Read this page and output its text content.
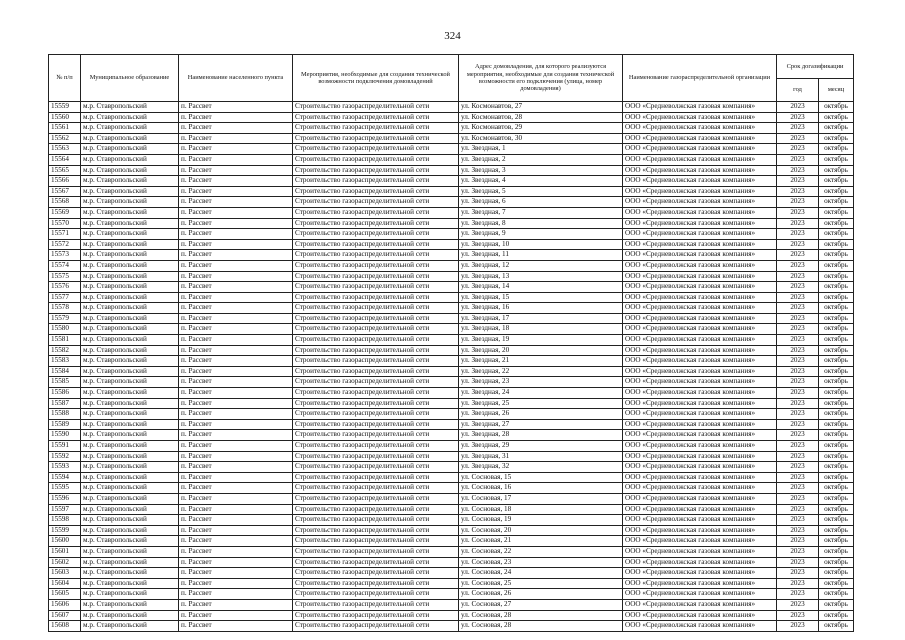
324
№ п/п	Муниципальное образование	Наименование населенного пункта	Мероприятия, необходимые для создания технической возможности подключения домовладений	Адрес домовладения, для которого реализуются мероприятия, необходимые для создания технической возможности его подключения (улица, номер домовладения)	Наименование газораспределительной организации	Срок догазификации	
						год	месяц
15559	м.р. Ставропольский	п. Рассвет	Строительство газораспределительной сети	ул. Космонавтов, 27	ООО «Средневолжская газовая компания»	2023	октябрь
15560	м.р. Ставропольский	п. Рассвет	Строительство газораспределительной сети	ул. Космонавтов, 28	ООО «Средневолжская газовая компания»	2023	октябрь
15561	м.р. Ставропольский	п. Рассвет	Строительство газораспределительной сети	ул. Космонавтов, 29	ООО «Средневолжская газовая компания»	2023	октябрь
15562	м.р. Ставропольский	п. Рассвет	Строительство газораспределительной сети	ул. Космонавтов, 30	ООО «Средневолжская газовая компания»	2023	октябрь
15563	м.р. Ставропольский	п. Рассвет	Строительство газораспределительной сети	ул. Звездная, 1	ООО «Средневолжская газовая компания»	2023	октябрь
15564	м.р. Ставропольский	п. Рассвет	Строительство газораспределительной сети	ул. Звездная, 2	ООО «Средневолжская газовая компания»	2023	октябрь
15565	м.р. Ставропольский	п. Рассвет	Строительство газораспределительной сети	ул. Звездная, 3	ООО «Средневолжская газовая компания»	2023	октябрь
15566	м.р. Ставропольский	п. Рассвет	Строительство газораспределительной сети	ул. Звездная, 4	ООО «Средневолжская газовая компания»	2023	октябрь
15567	м.р. Ставропольский	п. Рассвет	Строительство газораспределительной сети	ул. Звездная, 5	ООО «Средневолжская газовая компания»	2023	октябрь
15568	м.р. Ставропольский	п. Рассвет	Строительство газораспределительной сети	ул. Звездная, 6	ООО «Средневолжская газовая компания»	2023	октябрь
15569	м.р. Ставропольский	п. Рассвет	Строительство газораспределительной сети	ул. Звездная, 7	ООО «Средневолжская газовая компания»	2023	октябрь
15570	м.р. Ставропольский	п. Рассвет	Строительство газораспределительной сети	ул. Звездная, 8	ООО «Средневолжская газовая компания»	2023	октябрь
15571	м.р. Ставропольский	п. Рассвет	Строительство газораспределительной сети	ул. Звездная, 9	ООО «Средневолжская газовая компания»	2023	октябрь
15572	м.р. Ставропольский	п. Рассвет	Строительство газораспределительной сети	ул. Звездная, 10	ООО «Средневолжская газовая компания»	2023	октябрь
15573	м.р. Ставропольский	п. Рассвет	Строительство газораспределительной сети	ул. Звездная, 11	ООО «Средневолжская газовая компания»	2023	октябрь
15574	м.р. Ставропольский	п. Рассвет	Строительство газораспределительной сети	ул. Звездная, 12	ООО «Средневолжская газовая компания»	2023	октябрь
15575	м.р. Ставропольский	п. Рассвет	Строительство газораспределительной сети	ул. Звездная, 13	ООО «Средневолжская газовая компания»	2023	октябрь
15576	м.р. Ставропольский	п. Рассвет	Строительство газораспределительной сети	ул. Звездная, 14	ООО «Средневолжская газовая компания»	2023	октябрь
15577	м.р. Ставропольский	п. Рассвет	Строительство газораспределительной сети	ул. Звездная, 15	ООО «Средневолжская газовая компания»	2023	октябрь
15578	м.р. Ставропольский	п. Рассвет	Строительство газораспределительной сети	ул. Звездная, 16	ООО «Средневолжская газовая компания»	2023	октябрь
15579	м.р. Ставропольский	п. Рассвет	Строительство газораспределительной сети	ул. Звездная, 17	ООО «Средневолжская газовая компания»	2023	октябрь
15580	м.р. Ставропольский	п. Рассвет	Строительство газораспределительной сети	ул. Звездная, 18	ООО «Средневолжская газовая компания»	2023	октябрь
15581	м.р. Ставропольский	п. Рассвет	Строительство газораспределительной сети	ул. Звездная, 19	ООО «Средневолжская газовая компания»	2023	октябрь
15582	м.р. Ставропольский	п. Рассвет	Строительство газораспределительной сети	ул. Звездная, 20	ООО «Средневолжская газовая компания»	2023	октябрь
15583	м.р. Ставропольский	п. Рассвет	Строительство газораспределительной сети	ул. Звездная, 21	ООО «Средневолжская газовая компания»	2023	октябрь
15584	м.р. Ставропольский	п. Рассвет	Строительство газораспределительной сети	ул. Звездная, 22	ООО «Средневолжская газовая компания»	2023	октябрь
15585	м.р. Ставропольский	п. Рассвет	Строительство газораспределительной сети	ул. Звездная, 23	ООО «Средневолжская газовая компания»	2023	октябрь
15586	м.р. Ставропольский	п. Рассвет	Строительство газораспределительной сети	ул. Звездная, 24	ООО «Средневолжская газовая компания»	2023	октябрь
15587	м.р. Ставропольский	п. Рассвет	Строительство газораспределительной сети	ул. Звездная, 25	ООО «Средневолжская газовая компания»	2023	октябрь
15588	м.р. Ставропольский	п. Рассвет	Строительство газораспределительной сети	ул. Звездная, 26	ООО «Средневолжская газовая компания»	2023	октябрь
15589	м.р. Ставропольский	п. Рассвет	Строительство газораспределительной сети	ул. Звездная, 27	ООО «Средневолжская газовая компания»	2023	октябрь
15590	м.р. Ставропольский	п. Рассвет	Строительство газораспределительной сети	ул. Звездная, 28	ООО «Средневолжская газовая компания»	2023	октябрь
15591	м.р. Ставропольский	п. Рассвет	Строительство газораспределительной сети	ул. Звездная, 29	ООО «Средневолжская газовая компания»	2023	октябрь
15592	м.р. Ставропольский	п. Рассвет	Строительство газораспределительной сети	ул. Звездная, 31	ООО «Средневолжская газовая компания»	2023	октябрь
15593	м.р. Ставропольский	п. Рассвет	Строительство газораспределительной сети	ул. Звездная, 32	ООО «Средневолжская газовая компания»	2023	октябрь
15594	м.р. Ставропольский	п. Рассвет	Строительство газораспределительной сети	ул. Сосновая, 15	ООО «Средневолжская газовая компания»	2023	октябрь
15595	м.р. Ставропольский	п. Рассвет	Строительство газораспределительной сети	ул. Сосновая, 16	ООО «Средневолжская газовая компания»	2023	октябрь
15596	м.р. Ставропольский	п. Рассвет	Строительство газораспределительной сети	ул. Сосновая, 17	ООО «Средневолжская газовая компания»	2023	октябрь
15597	м.р. Ставропольский	п. Рассвет	Строительство газораспределительной сети	ул. Сосновая, 18	ООО «Средневолжская газовая компания»	2023	октябрь
15598	м.р. Ставропольский	п. Рассвет	Строительство газораспределительной сети	ул. Сосновая, 19	ООО «Средневолжская газовая компания»	2023	октябрь
15599	м.р. Ставропольский	п. Рассвет	Строительство газораспределительной сети	ул. Сосновая, 20	ООО «Средневолжская газовая компания»	2023	октябрь
15600	м.р. Ставропольский	п. Рассвет	Строительство газораспределительной сети	ул. Сосновая, 21	ООО «Средневолжская газовая компания»	2023	октябрь
15601	м.р. Ставропольский	п. Рассвет	Строительство газораспределительной сети	ул. Сосновая, 22	ООО «Средневолжская газовая компания»	2023	октябрь
15602	м.р. Ставропольский	п. Рассвет	Строительство газораспределительной сети	ул. Сосновая, 23	ООО «Средневолжская газовая компания»	2023	октябрь
15603	м.р. Ставропольский	п. Рассвет	Строительство газораспределительной сети	ул. Сосновая, 24	ООО «Средневолжская газовая компания»	2023	октябрь
15604	м.р. Ставропольский	п. Рассвет	Строительство газораспределительной сети	ул. Сосновая, 25	ООО «Средневолжская газовая компания»	2023	октябрь
15605	м.р. Ставропольский	п. Рассвет	Строительство газораспределительной сети	ул. Сосновая, 26	ООО «Средневолжская газовая компания»	2023	октябрь
15606	м.р. Ставропольский	п. Рассвет	Строительство газораспределительной сети	ул. Сосновая, 27	ООО «Средневолжская газовая компания»	2023	октябрь
15607	м.р. Ставропольский	п. Рассвет	Строительство газораспределительной сети	ул. Сосновая, 28	ООО «Средневолжская газовая компания»	2023	октябрь
15608	м.р. Ставропольский	п. Рассвет	Строительство газораспределительной сети	ул. Сосновая, 28	ООО «Средневолжская газовая компания»	2023	октябрь
